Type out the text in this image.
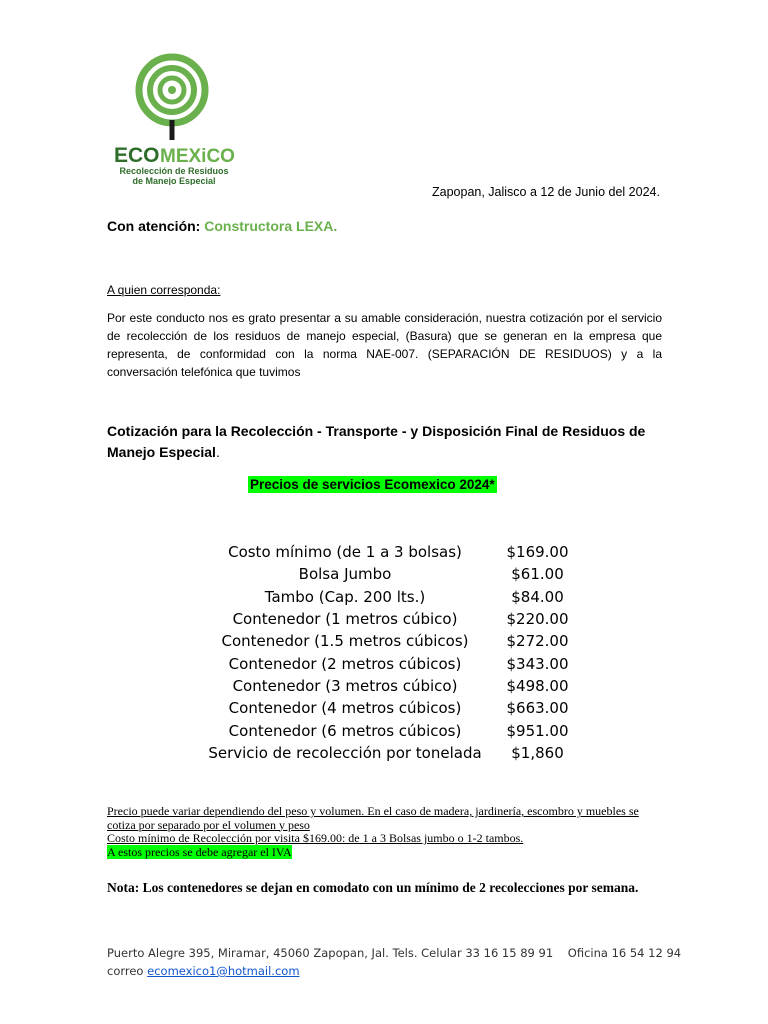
ECO MEXiCO
Recolección de Residuos
de Manejo Especial
Zapopan, Jalisco a 12 de Junio del 2024.
Con atención: Constructora LEXA.
A quien corresponda:
Por este conducto nos es grato presentar a su amable consideración, nuestra cotización por el servicio de recolección de los residuos de manejo especial, (Basura) que se generan en la empresa que representa, de conformidad con la norma NAE-007. (SEPARACIÓN DE RESIDUOS) y a la conversación telefónica que tuvimos
Cotización para la Recolección - Transporte - y Disposición Final de Residuos de Manejo Especial.
Precios de servicios Ecomexico 2024*
Costo mínimo (de 1 a 3 bolsas)	$169.00
Bolsa Jumbo	$61.00
Tambo (Cap. 200 lts.)	$84.00
Contenedor (1 metros cúbico)	$220.00
Contenedor (1.5 metros cúbicos)	$272.00
Contenedor (2 metros cúbicos)	$343.00
Contenedor (3 metros cúbico)	$498.00
Contenedor (4 metros cúbicos)	$663.00
Contenedor (6 metros cúbicos)	$951.00
Servicio de recolección por tonelada	$1,860
Precio puede variar dependiendo del peso y volumen. En el caso de madera, jardinería, escombro y muebles se cotiza por separado por el volumen y peso
Costo mínimo de Recolección por visita $169.00: de 1 a 3 Bolsas jumbo o 1-2 tambos.
A estos precios se debe agregar el IVA
Nota: Los contenedores se dejan en comodato con un mínimo de 2 recolecciones por semana.
Puerto Alegre 395, Miramar, 45060 Zapopan, Jal. Tels. Celular 33 16 15 89 91    Oficina 16 54 12 94
correo ecomexico1@hotmail.com
